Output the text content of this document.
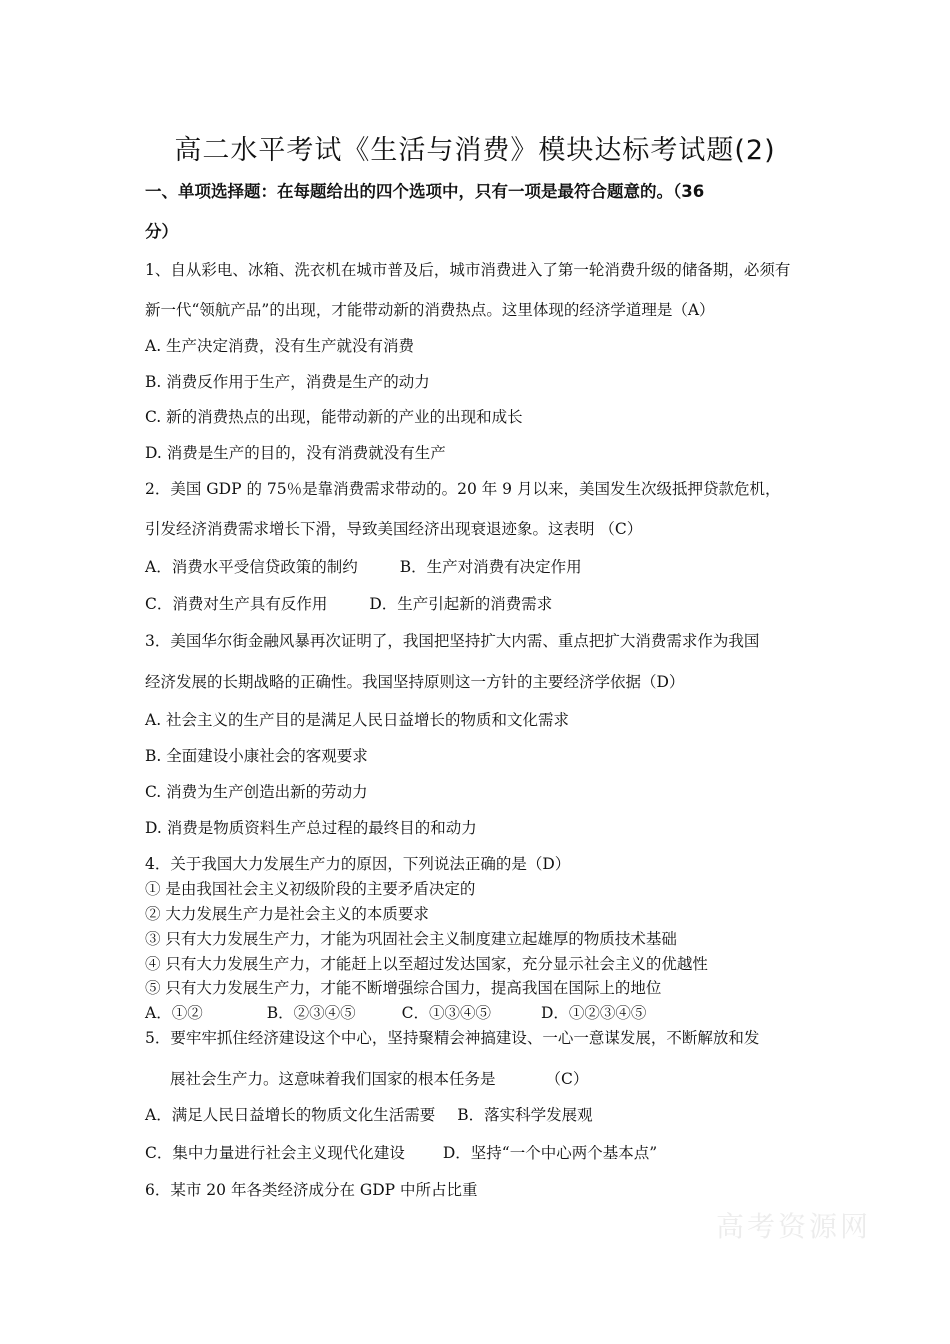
高二水平考试《生活与消费》模块达标考试题(2)
一、单项选择题：在每题给出的四个选项中，只有一项是最符合题意的。（36
分）
1、自从彩电、冰箱、洗衣机在城市普及后，城市消费进入了第一轮消费升级的储备期，必须有
新一代“领航产品”的出现，才能带动新的消费热点。这里体现的经济学道理是（A）
A. 生产决定消费，没有生产就没有消费
B. 消费反作用于生产，消费是生产的动力
C. 新的消费热点的出现，能带动新的产业的出现和成长
D. 消费是生产的目的，没有消费就没有生产
2．美国 GDP 的 75％是靠消费需求带动的。20 年 9 月以来，美国发生次级抵押贷款危机，
引发经济消费需求增长下滑，导致美国经济出现衰退迹象。这表明 （C）
A．消费水平受信贷政策的制约	B．生产对消费有决定作用
C．消费对生产具有反作用	D．生产引起新的消费需求
3．美国华尔街金融风暴再次证明了，我国把坚持扩大内需、重点把扩大消费需求作为我国
经济发展的长期战略的正确性。我国坚持原则这一方针的主要经济学依据（D）
A. 社会主义的生产目的是满足人民日益增长的物质和文化需求
B. 全面建设小康社会的客观要求
C. 消费为生产创造出新的劳动力
D. 消费是物质资料生产总过程的最终目的和动力
4．关于我国大力发展生产力的原因，下列说法正确的是（D）
① 是由我国社会主义初级阶段的主要矛盾决定的
② 大力发展生产力是社会主义的本质要求
③ 只有大力发展生产力，才能为巩固社会主义制度建立起雄厚的物质技术基础
④ 只有大力发展生产力，才能赶上以至超过发达国家，充分显示社会主义的优越性
⑤ 只有大力发展生产力，才能不断增强综合国力，提高我国在国际上的地位
A．①②	B．②③④⑤	C．①③④⑤	D．①②③④⑤
5．要牢牢抓住经济建设这个中心，坚持聚精会神搞建设、一心一意谋发展，不断解放和发
展社会生产力。这意味着我们国家的根本任务是	（C）
A．满足人民日益增长的物质文化生活需要 B．落实科学发展观
C．集中力量进行社会主义现代化建设 D．坚持“一个中心两个基本点”
6．某市 20 年各类经济成分在 GDP 中所占比重
高考资源网
